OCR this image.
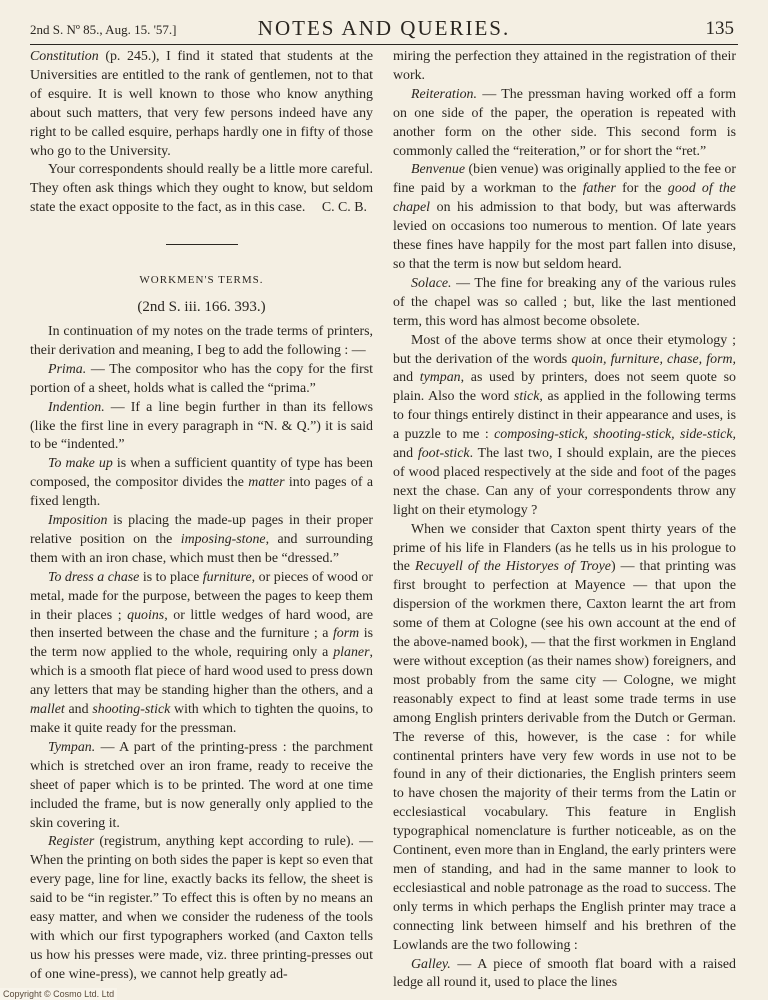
2nd S. Nº 85., Aug. 15. '57.]	NOTES AND QUERIES.	135

Constitution (p. 245.), I find it stated that students at the Universities are entitled to the rank of gentlemen, not to that of esquire. It is well known to those who know anything about such matters, that very few persons indeed have any right to be called esquire, perhaps hardly one in fifty of those who go to the University.

Your correspondents should really be a little more careful. They often ask things which they ought to know, but seldom state the exact opposite to the fact, as in this case.	C. C. B.
WORKMEN'S TERMS.
(2nd S. iii. 166. 393.)

In continuation of my notes on the trade terms of printers, their derivation and meaning, I beg to add the following : —

Prima. — The compositor who has the copy for the first portion of a sheet, holds what is called the “prima.”

Indention. — If a line begin further in than its fellows (like the first line in every paragraph in “N. & Q.”) it is said to be “indented.”

To make up is when a sufficient quantity of type has been composed, the compositor divides the matter into pages of a fixed length.

Imposition is placing the made-up pages in their proper relative position on the imposing-stone, and surrounding them with an iron chase, which must then be “dressed.”

To dress a chase is to place furniture, or pieces of wood or metal, made for the purpose, between the pages to keep them in their places ; quoins, or little wedges of hard wood, are then inserted between the chase and the furniture ; a form is the term now applied to the whole, requiring only a planer, which is a smooth flat piece of hard wood used to press down any letters that may be standing higher than the others, and a mallet and shooting-stick with which to tighten the quoins, to make it quite ready for the pressman.

Tympan. — A part of the printing-press : the parchment which is stretched over an iron frame, ready to receive the sheet of paper which is to be printed. The word at one time included the frame, but is now generally only applied to the skin covering it.

Register (registrum, anything kept according to rule). — When the printing on both sides the paper is kept so even that every page, line for line, exactly backs its fellow, the sheet is said to be “in register.” To effect this is often by no means an easy matter, and when we consider the rudeness of the tools with which our first typographers worked (and Caxton tells us how his presses were made, viz. three printing-presses out of one wine-press), we cannot help greatly ad-

miring the perfection they attained in the registration of their work.

Reiteration. — The pressman having worked off a form on one side of the paper, the operation is repeated with another form on the other side. This second form is commonly called the “reiteration,” or for short the “ret.”

Benvenue (bien venue) was originally applied to the fee or fine paid by a workman to the father for the good of the chapel on his admission to that body, but was afterwards levied on occasions too numerous to mention. Of late years these fines have happily for the most part fallen into disuse, so that the term is now but seldom heard.

Solace. — The fine for breaking any of the various rules of the chapel was so called ; but, like the last mentioned term, this word has almost become obsolete.

Most of the above terms show at once their etymology ; but the derivation of the words quoin, furniture, chase, form, and tympan, as used by printers, does not seem quote so plain. Also the word stick, as applied in the following terms to four things entirely distinct in their appearance and uses, is a puzzle to me : composing-stick, shooting-stick, side-stick, and foot-stick. The last two, I should explain, are the pieces of wood placed respectively at the side and foot of the pages next the chase. Can any of your correspondents throw any light on their etymology ?

When we consider that Caxton spent thirty years of the prime of his life in Flanders (as he tells us in his prologue to the Recuyell of the Historyes of Troye) — that printing was first brought to perfection at Mayence — that upon the dispersion of the workmen there, Caxton learnt the art from some of them at Cologne (see his own account at the end of the above-named book), — that the first workmen in England were without exception (as their names show) foreigners, and most probably from the same city — Cologne, we might reasonably expect to find at least some trade terms in use among English printers derivable from the Dutch or German. The reverse of this, however, is the case : for while continental printers have very few words in use not to be found in any of their dictionaries, the English printers seem to have chosen the majority of their terms from the Latin or ecclesiastical vocabulary. This feature in English typographical nomenclature is further noticeable, as on the Continent, even more than in England, the early printers were men of standing, and had in the same manner to look to ecclesiastical and noble patronage as the road to success. The only terms in which perhaps the English printer may trace a connecting link between himself and his brethren of the Lowlands are the two following :

Galley. — A piece of smooth flat board with a raised ledge all round it, used to place the lines

Copyright © Cosmo Ltd. Ltd
